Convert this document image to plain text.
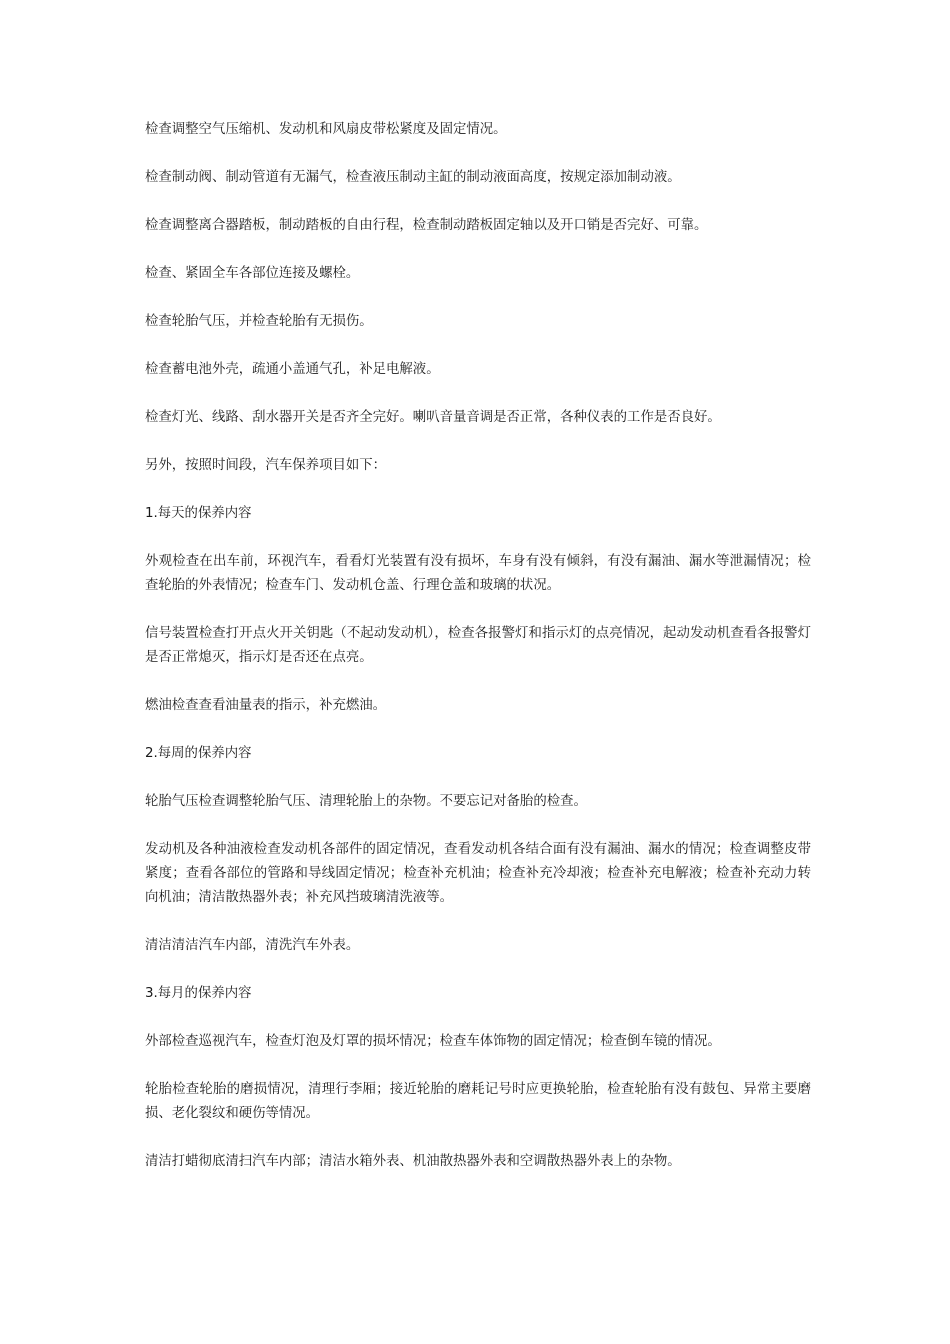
检查调整空气压缩机、发动机和风扇皮带松紧度及固定情况。

检查制动阀、制动管道有无漏气，检查液压制动主缸的制动液面高度，按规定添加制动液。

检查调整离合器踏板，制动踏板的自由行程，检查制动踏板固定轴以及开口销是否完好、可靠。

检查、紧固全车各部位连接及螺栓。

检查轮胎气压，并检查轮胎有无损伤。

检查蓄电池外壳，疏通小盖通气孔，补足电解液。

检查灯光、线路、刮水器开关是否齐全完好。喇叭音量音调是否正常，各种仪表的工作是否良好。

另外，按照时间段，汽车保养项目如下：

1.每天的保养内容

外观检查在出车前，环视汽车，看看灯光装置有没有损坏，车身有没有倾斜，有没有漏油、漏水等泄漏情况；检查轮胎的外表情况；检查车门、发动机仓盖、行理仓盖和玻璃的状况。

信号装置检查打开点火开关钥匙（不起动发动机），检查各报警灯和指示灯的点亮情况，起动发动机查看各报警灯是否正常熄灭，指示灯是否还在点亮。

燃油检查查看油量表的指示，补充燃油。

2.每周的保养内容

轮胎气压检查调整轮胎气压、清理轮胎上的杂物。不要忘记对备胎的检查。

发动机及各种油液检查发动机各部件的固定情况，查看发动机各结合面有没有漏油、漏水的情况；检查调整皮带紧度；查看各部位的管路和导线固定情况；检查补充机油；检查补充冷却液；检查补充电解液；检查补充动力转向机油；清洁散热器外表；补充风挡玻璃清洗液等。

清洁清洁汽车内部，清洗汽车外表。

3.每月的保养内容

外部检查巡视汽车，检查灯泡及灯罩的损坏情况；检查车体饰物的固定情况；检查倒车镜的情况。

轮胎检查轮胎的磨损情况，清理行李厢；接近轮胎的磨耗记号时应更换轮胎，检查轮胎有没有鼓包、异常主要磨损、老化裂纹和硬伤等情况。

清洁打蜡彻底清扫汽车内部；清洁水箱外表、机油散热器外表和空调散热器外表上的杂物。
